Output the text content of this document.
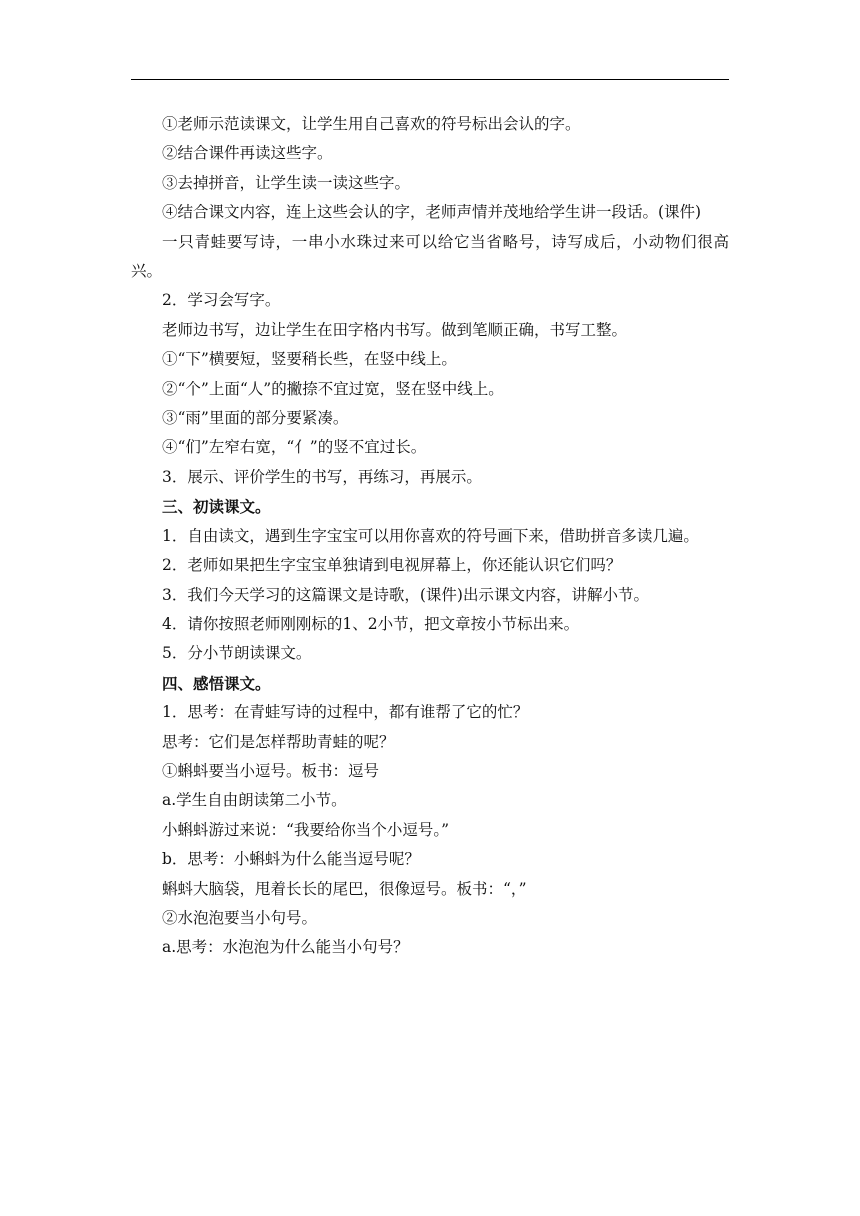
①老师示范读课文，让学生用自己喜欢的符号标出会认的字。

②结合课件再读这些字。

③去掉拼音，让学生读一读这些字。

④结合课文内容，连上这些会认的字，老师声情并茂地给学生讲一段话。(课件)

一只青蛙要写诗，一串小水珠过来可以给它当省略号，诗写成后，小动物们很高兴。

2．学习会写字。

老师边书写，边让学生在田字格内书写。做到笔顺正确，书写工整。

①“下”横要短，竖要稍长些，在竖中线上。

②“个”上面“人”的撇捺不宜过宽，竖在竖中线上。

③“雨”里面的部分要紧凑。

④“们”左窄右宽，“亻”的竖不宜过长。

3．展示、评价学生的书写，再练习，再展示。

三、初读课文。

1．自由读文，遇到生字宝宝可以用你喜欢的符号画下来，借助拼音多读几遍。

2．老师如果把生字宝宝单独请到电视屏幕上，你还能认识它们吗？

3．我们今天学习的这篇课文是诗歌，(课件)出示课文内容，讲解小节。

4．请你按照老师刚刚标的1、2小节，把文章按小节标出来。

5．分小节朗读课文。

四、感悟课文。

1．思考：在青蛙写诗的过程中，都有谁帮了它的忙？

思考：它们是怎样帮助青蛙的呢？

①蝌蚪要当小逗号。板书：逗号

a.学生自由朗读第二小节。

小蝌蚪游过来说：“我要给你当个小逗号。”

b．思考：小蝌蚪为什么能当逗号呢？

蝌蚪大脑袋，甩着长长的尾巴，很像逗号。板书：“，”

②水泡泡要当小句号。

a.思考：水泡泡为什么能当小句号？
